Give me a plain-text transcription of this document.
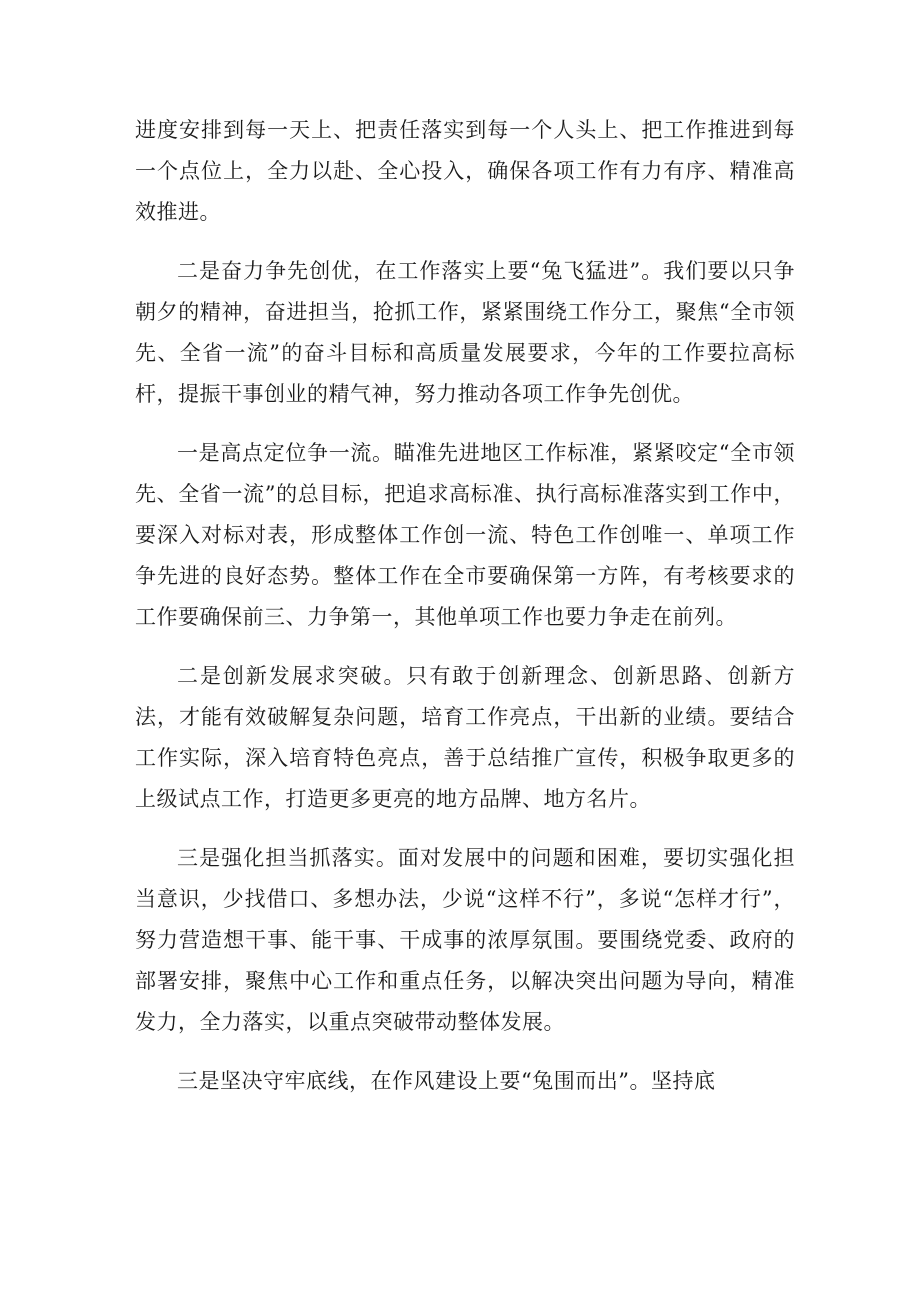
进度安排到每一天上、把责任落实到每一个人头上、把工作推进到每一个点位上，全力以赴、全心投入，确保各项工作有力有序、精准高效推进。

二是奋力争先创优，在工作落实上要“兔飞猛进”。我们要以只争朝夕的精神，奋进担当，抢抓工作，紧紧围绕工作分工，聚焦“全市领先、全省一流”的奋斗目标和高质量发展要求，今年的工作要拉高标杆，提振干事创业的精气神，努力推动各项工作争先创优。

一是高点定位争一流。瞄准先进地区工作标准，紧紧咬定“全市领先、全省一流”的总目标，把追求高标准、执行高标准落实到工作中，要深入对标对表，形成整体工作创一流、特色工作创唯一、单项工作争先进的良好态势。整体工作在全市要确保第一方阵，有考核要求的工作要确保前三、力争第一，其他单项工作也要力争走在前列。

二是创新发展求突破。只有敢于创新理念、创新思路、创新方法，才能有效破解复杂问题，培育工作亮点，干出新的业绩。要结合工作实际，深入培育特色亮点，善于总结推广宣传，积极争取更多的上级试点工作，打造更多更亮的地方品牌、地方名片。

三是强化担当抓落实。面对发展中的问题和困难，要切实强化担当意识，少找借口、多想办法，少说“这样不行”，多说“怎样才行”，努力营造想干事、能干事、干成事的浓厚氛围。要围绕党委、政府的部署安排，聚焦中心工作和重点任务，以解决突出问题为导向，精准发力，全力落实，以重点突破带动整体发展。

三是坚决守牢底线，在作风建设上要“兔围而出”。坚持底
